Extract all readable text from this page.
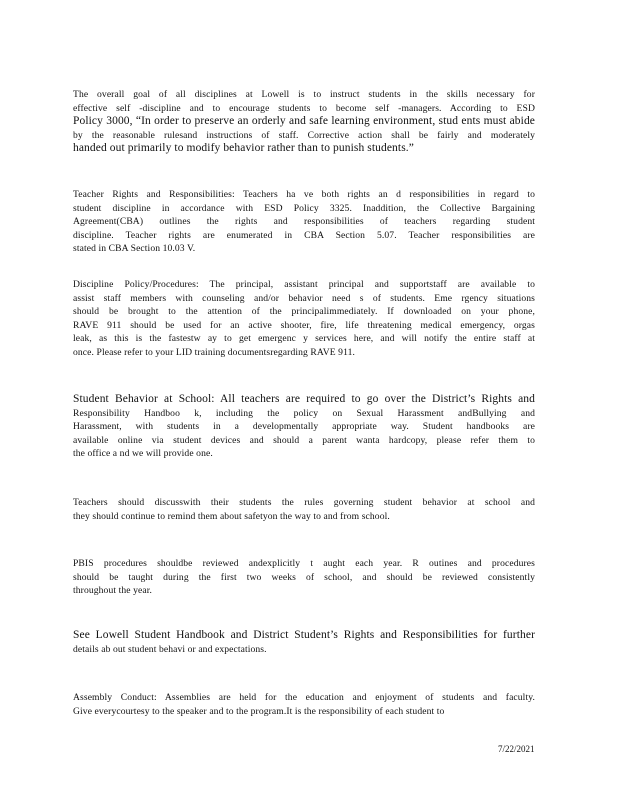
The overall goal of all disciplines at Lowell is to instruct students in the skills necessary for
effective self -discipline and to encourage students to become self -managers. According to ESD
Policy 3000, “In order to preserve an orderly and safe learning environment, stud ents must abide
by the reasonable rulesand instructions of staff. Corrective action shall be fairly and moderately
handed out primarily to modify behavior rather than to punish students.”
Teacher Rights and Responsibilities: Teachers ha ve both rights an d responsibilities in regard to
student discipline in accordance with ESD Policy 3325. Inaddition, the Collective Bargaining
Agreement(CBA) outlines the rights and responsibilities of teachers regarding student
discipline. Teacher rights are enumerated in CBA Section 5.07. Teacher responsibilities are
stated in CBA Section 10.03 V.
Discipline Policy/Procedures: The principal, assistant principal and supportstaff are available to
assist staff members with counseling and/or behavior need s of students. Eme rgency situations
should be brought to the attention of the principalimmediately. If downloaded on your phone,
RAVE 911 should be used for an active shooter, fire, life threatening medical emergency, orgas
leak, as this is the fastestw ay to get emergenc y services here, and will notify the entire staff at
once. Please refer to your LID training documentsregarding RAVE 911.
Student Behavior at School: All teachers are required to go over the District’s Rights and
Responsibility Handboo k, including the policy on Sexual Harassment andBullying and
Harassment, with students in a developmentally appropriate way. Student handbooks are
available online via student devices and should a parent wanta hardcopy, please refer them to
the office a nd we will provide one.
Teachers should discusswith their students the rules governing student behavior at school and
they should continue to remind them about safetyon the way to and from school.
PBIS procedures shouldbe reviewed andexplicitly t aught each year. R outines and procedures
should be taught during the first two weeks of school, and should be reviewed consistently
throughout the year.
See Lowell Student Handbook and District Student’s Rights and Responsibilities for further
details ab out student behavi or and expectations.
Assembly Conduct: Assemblies are held for the education and enjoyment of students and faculty.
Give everycourtesy to the speaker and to the program.It is the responsibility of each student to
7/22/2021
